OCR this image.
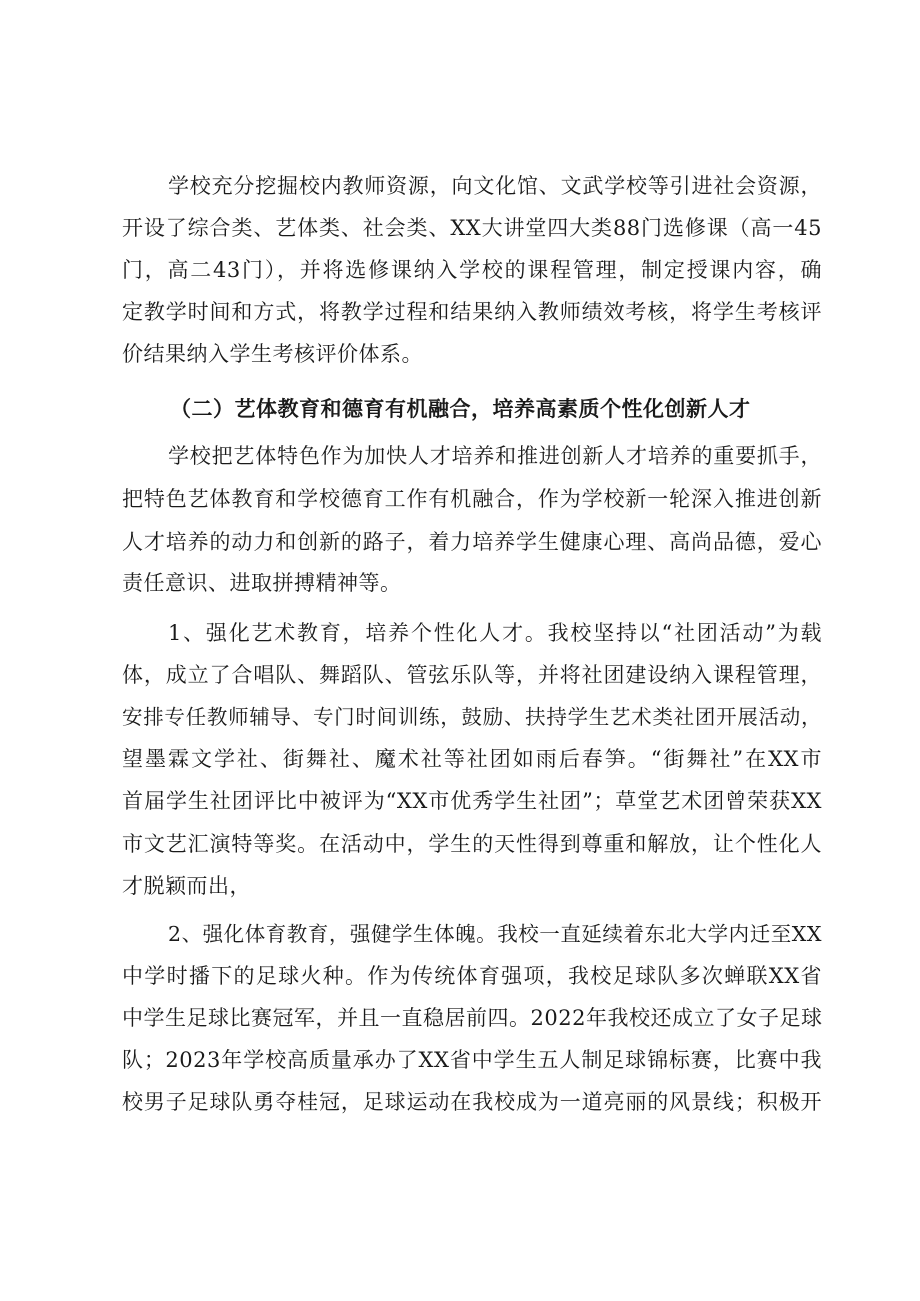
学校充分挖掘校内教师资源，向文化馆、文武学校等引进社会资源，

开设了综合类、艺体类、社会类、XX大讲堂四大类88门选修课（高一45

门，高二43门），并将选修课纳入学校的课程管理，制定授课内容，确

定教学时间和方式，将教学过程和结果纳入教师绩效考核，将学生考核评

价结果纳入学生考核评价体系。

（二）艺体教育和德育有机融合，培养高素质个性化创新人才

学校把艺体特色作为加快人才培养和推进创新人才培养的重要抓手，

把特色艺体教育和学校德育工作有机融合，作为学校新一轮深入推进创新

人才培养的动力和创新的路子，着力培养学生健康心理、高尚品德，爱心

责任意识、进取拼搏精神等。

1、强化艺术教育，培养个性化人才。我校坚持以“社团活动”为载

体，成立了合唱队、舞蹈队、管弦乐队等，并将社团建设纳入课程管理，

安排专任教师辅导、专门时间训练，鼓励、扶持学生艺术类社团开展活动，

望墨霖文学社、街舞社、魔术社等社团如雨后春笋。“街舞社”在XX市

首届学生社团评比中被评为“XX市优秀学生社团”；草堂艺术团曾荣获XX

市文艺汇演特等奖。在活动中，学生的天性得到尊重和解放，让个性化人

才脱颖而出，

2、强化体育教育，强健学生体魄。我校一直延续着东北大学内迁至XX

中学时播下的足球火种。作为传统体育强项，我校足球队多次蝉联XX省

中学生足球比赛冠军，并且一直稳居前四。2022年我校还成立了女子足球

队；2023年学校高质量承办了XX省中学生五人制足球锦标赛，比赛中我

校男子足球队勇夺桂冠，足球运动在我校成为一道亮丽的风景线；积极开
